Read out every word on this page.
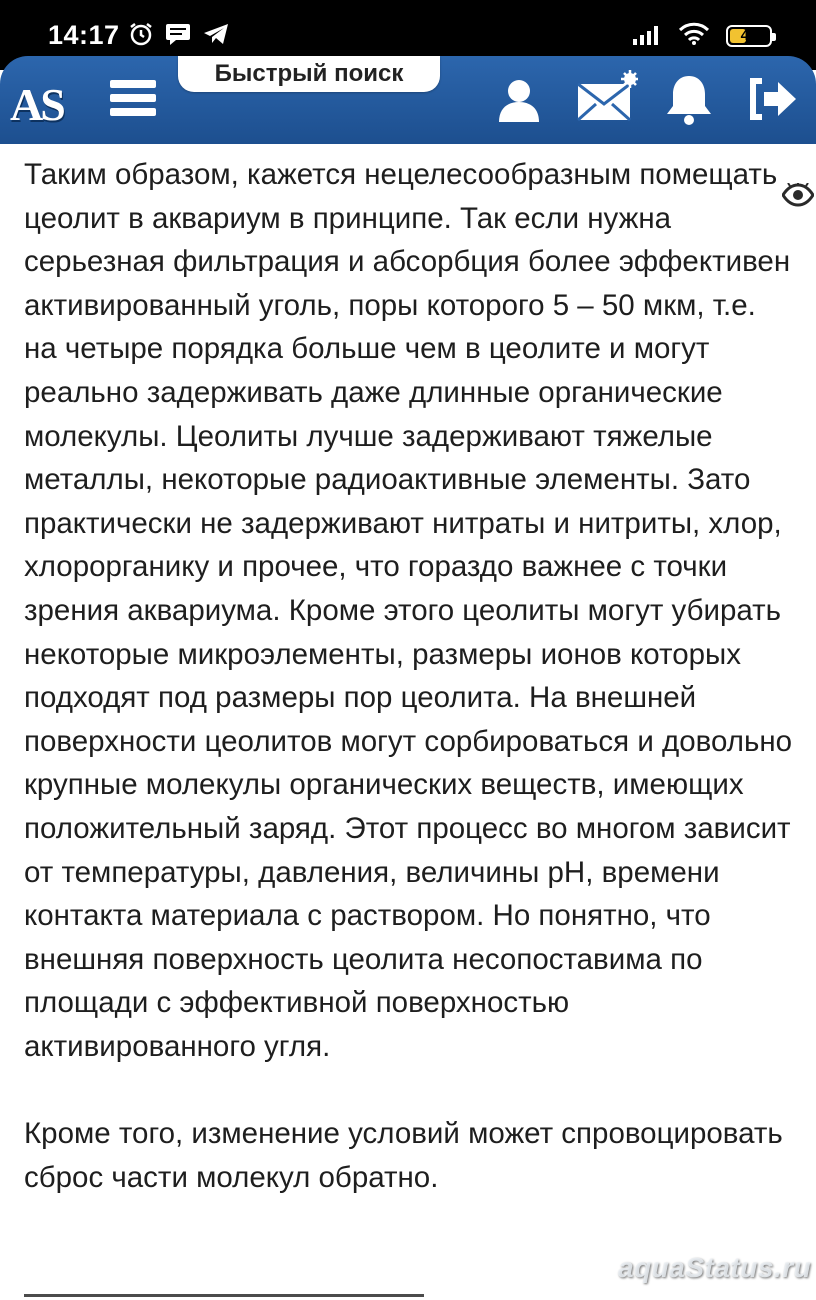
14:17	41
AS
Быстрый поиск

Таким образом, кажется нецелесообразным помещать цеолит в аквариум в принципе. Так если нужна серьезная фильтрация и абсорбция более эффективен активированный уголь, поры которого 5 – 50 мкм, т.е. на четыре порядка больше чем в цеолите и могут реально задерживать даже длинные органические молекулы. Цеолиты лучше задерживают тяжелые металлы, некоторые радиоактивные элементы. Зато практически не задерживают нитраты и нитриты, хлор, хлорорганику и прочее, что гораздо важнее с точки зрения аквариума. Кроме этого цеолиты могут убирать некоторые микроэлементы, размеры ионов которых подходят под размеры пор цеолита. На внешней поверхности цеолитов могут сорбироваться и довольно крупные молекулы органических веществ, имеющих положительный заряд. Этот процесс во многом зависит от температуры, давления, величины pH, времени контакта материала с раствором. Но понятно, что внешняя поверхность цеолита несопоставима по площади с эффективной поверхностью активированного угля.

Кроме того, изменение условий может спровоцировать сброс части молекул обратно.

aquaStatus.ru
